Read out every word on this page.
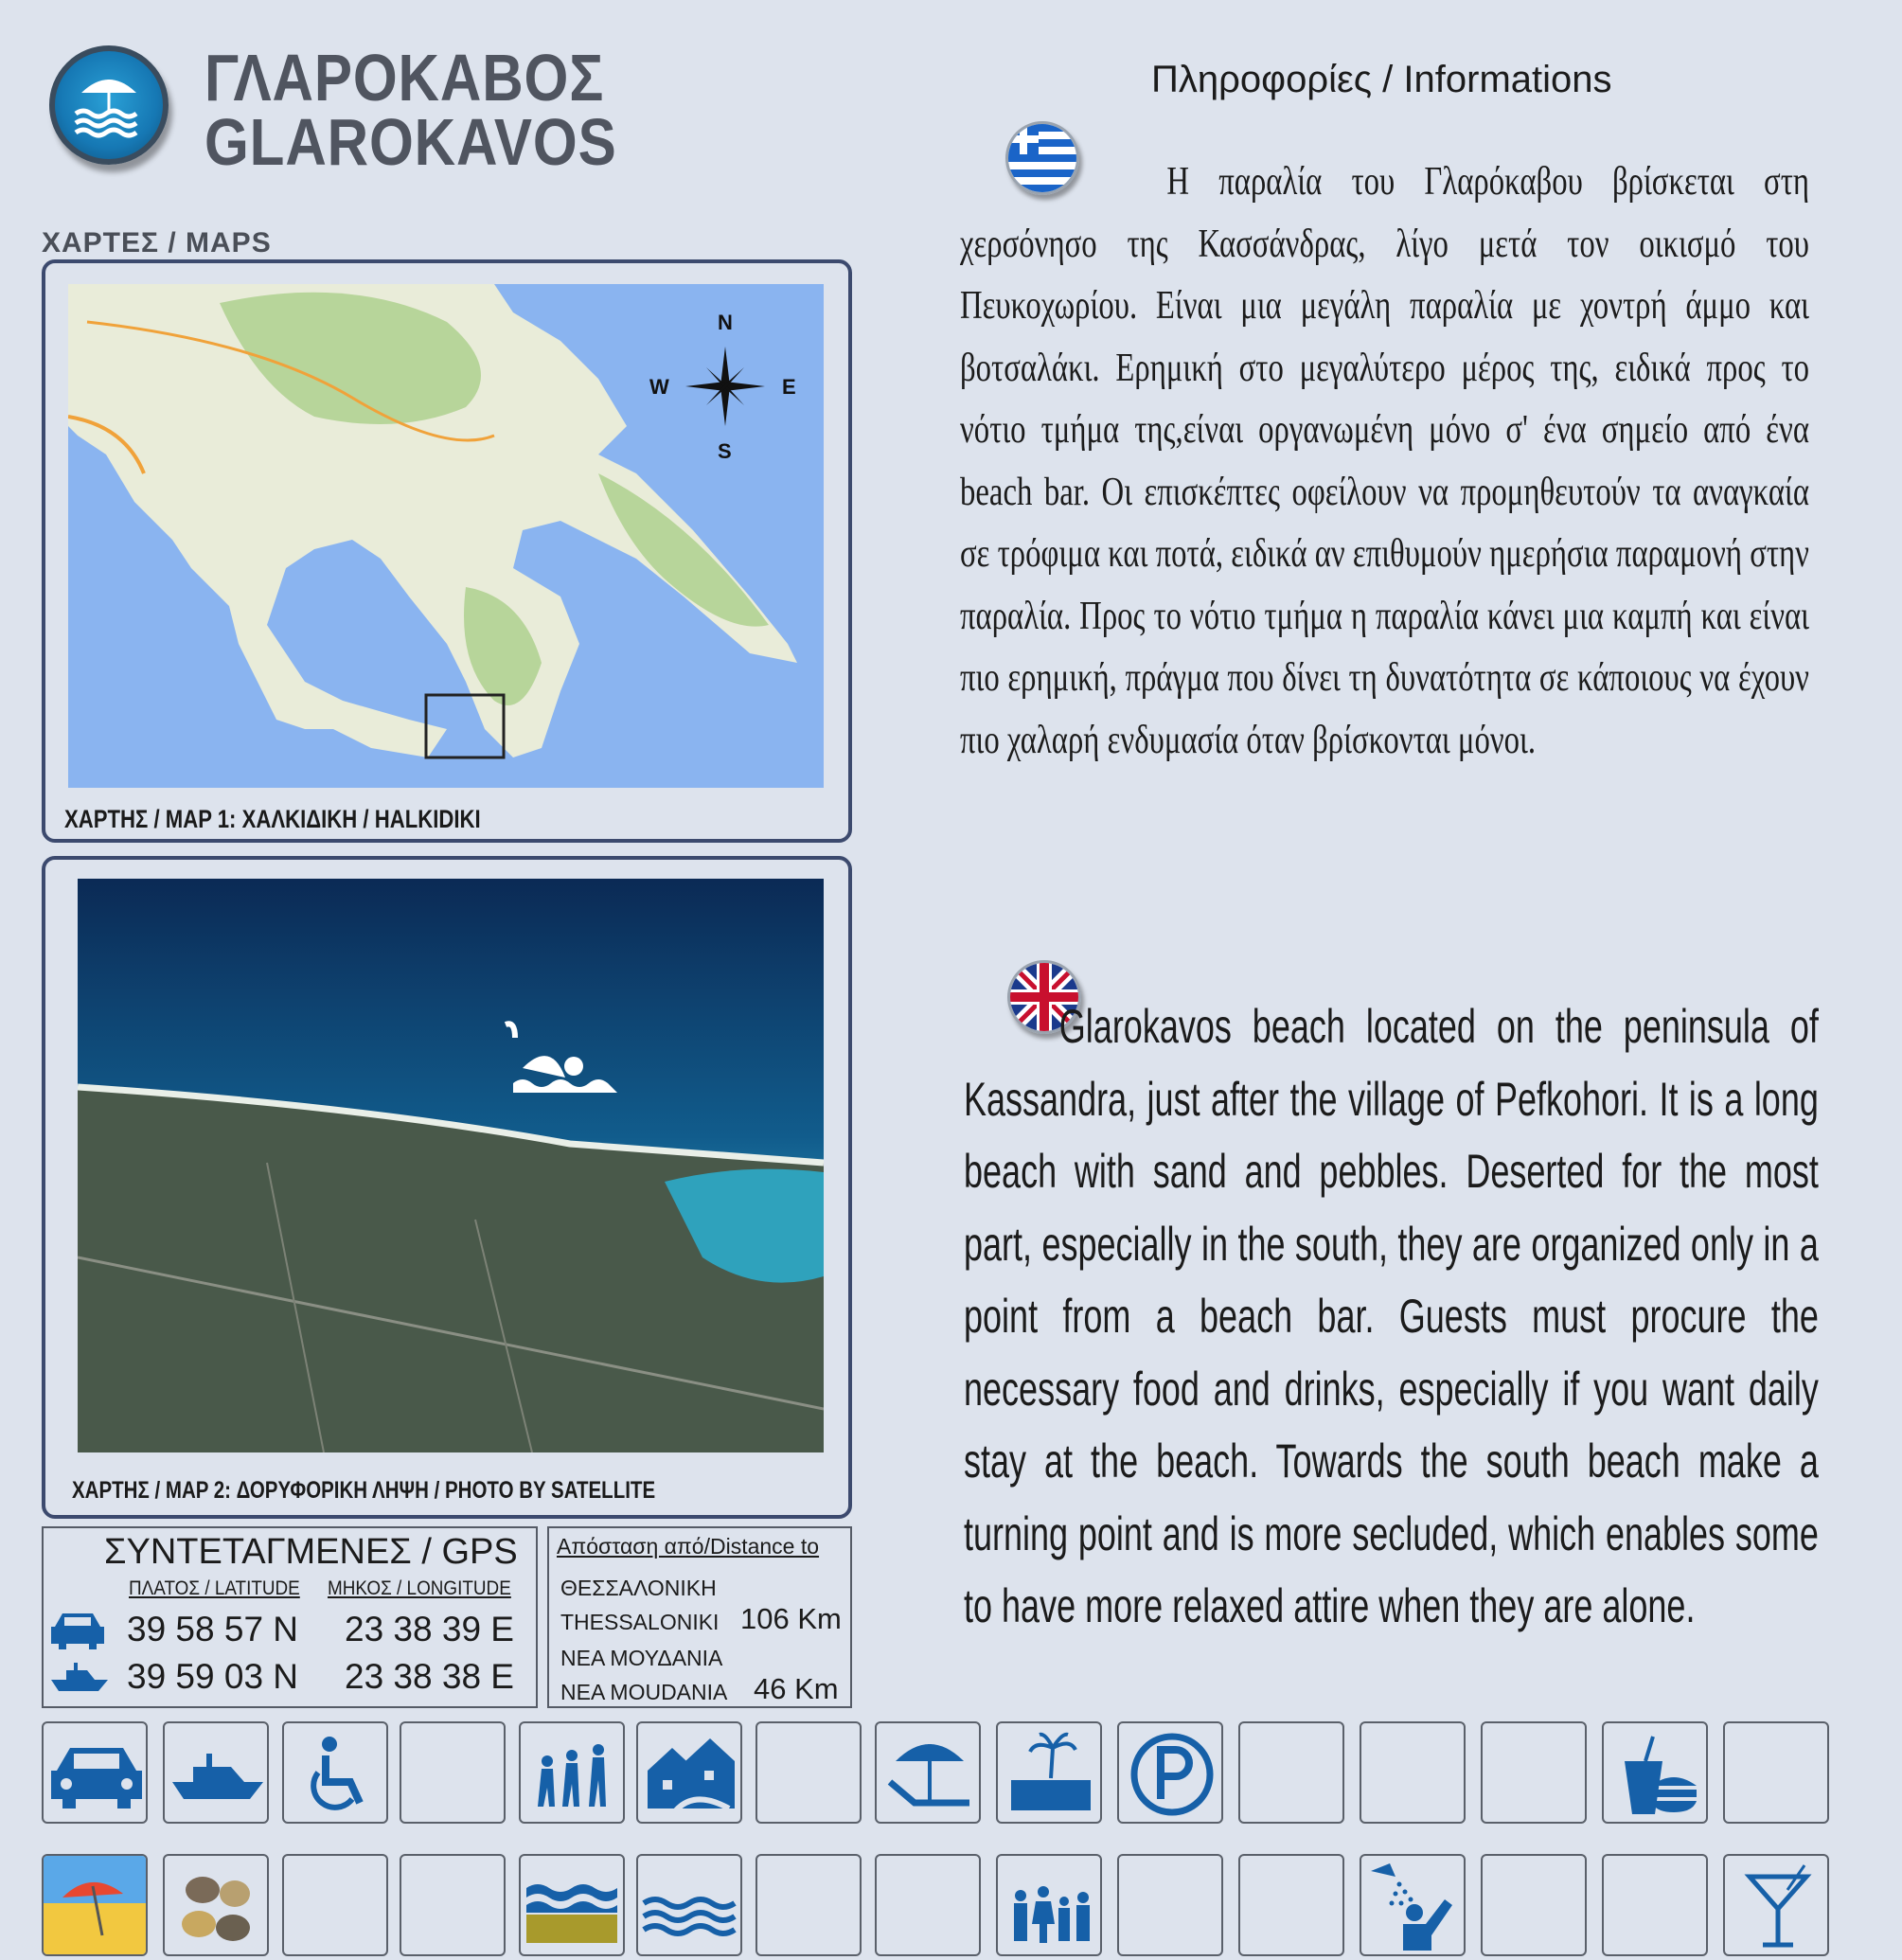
ΓΛΑΡΟΚΑΒΟΣ
GLAROKAVOS
ΧΑΡΤΕΣ / MAPS
N
S
E
W
ΧΑΡΤΗΣ / MAP 1: ΧΑΛΚΙΔΙΚΗ / HALKIDIKI
ΧΑΡΤΗΣ / MAP 2: ΔΟΡΥΦΟΡΙΚΗ ΛΗΨΗ / PHOTO BY SATELLITE
ΣΥΝΤΕΤΑΓΜΕΝΕΣ / GPS
ΠΛΑΤΟΣ / LATITUDE ΜΗΚΟΣ / LONGITUDE
39 58 57 N 23 38 39 E
39 59 03 N 23 38 38 E
Απόσταση από/Distance to
ΘΕΣΣΑΛΟΝΙΚΗ
THESSALONIKI 106 Km
ΝΕΑ ΜΟΥΔΑΝΙΑ
NEA MOUDANIA 46 Km
Πληροφορίες / Informations
Η παραλία του Γλαρόκαβου βρίσκεται στη χερσόνησο της Κασσάνδρας, λίγο μετά τον οικισμό του Πευκοχωρίου. Είναι μια μεγάλη παραλία με χοντρή άμμο και βοτσαλάκι. Ερημική στο μεγαλύτερο μέρος της, ειδικά προς το νότιο τμήμα της,είναι οργανωμένη μόνο σ' ένα σημείο από ένα beach bar. Οι επισκέπτες οφείλουν να προμηθευτούν τα αναγκαία σε τρόφιμα και ποτά, ειδικά αν επιθυμούν ημερήσια παραμονή στην παραλία. Προς το νότιο τμήμα η παραλία κάνει μια καμπή και είναι πιο ερημική, πράγμα που δίνει τη δυνατότητα σε κάποιους να έχουν πιο χαλαρή ενδυμασία όταν βρίσκονται μόνοι.
Glarokavos beach located on the peninsula of Kassandra, just after the village of Pefkohori. It is a long beach with sand and pebbles. Deserted for the most part, especially in the south, they are organized only in a point from a beach bar. Guests must procure the necessary food and drinks, especially if you want daily stay at the beach. Towards the south beach make a turning point and is more secluded, which enables some to have more relaxed attire when they are alone.
